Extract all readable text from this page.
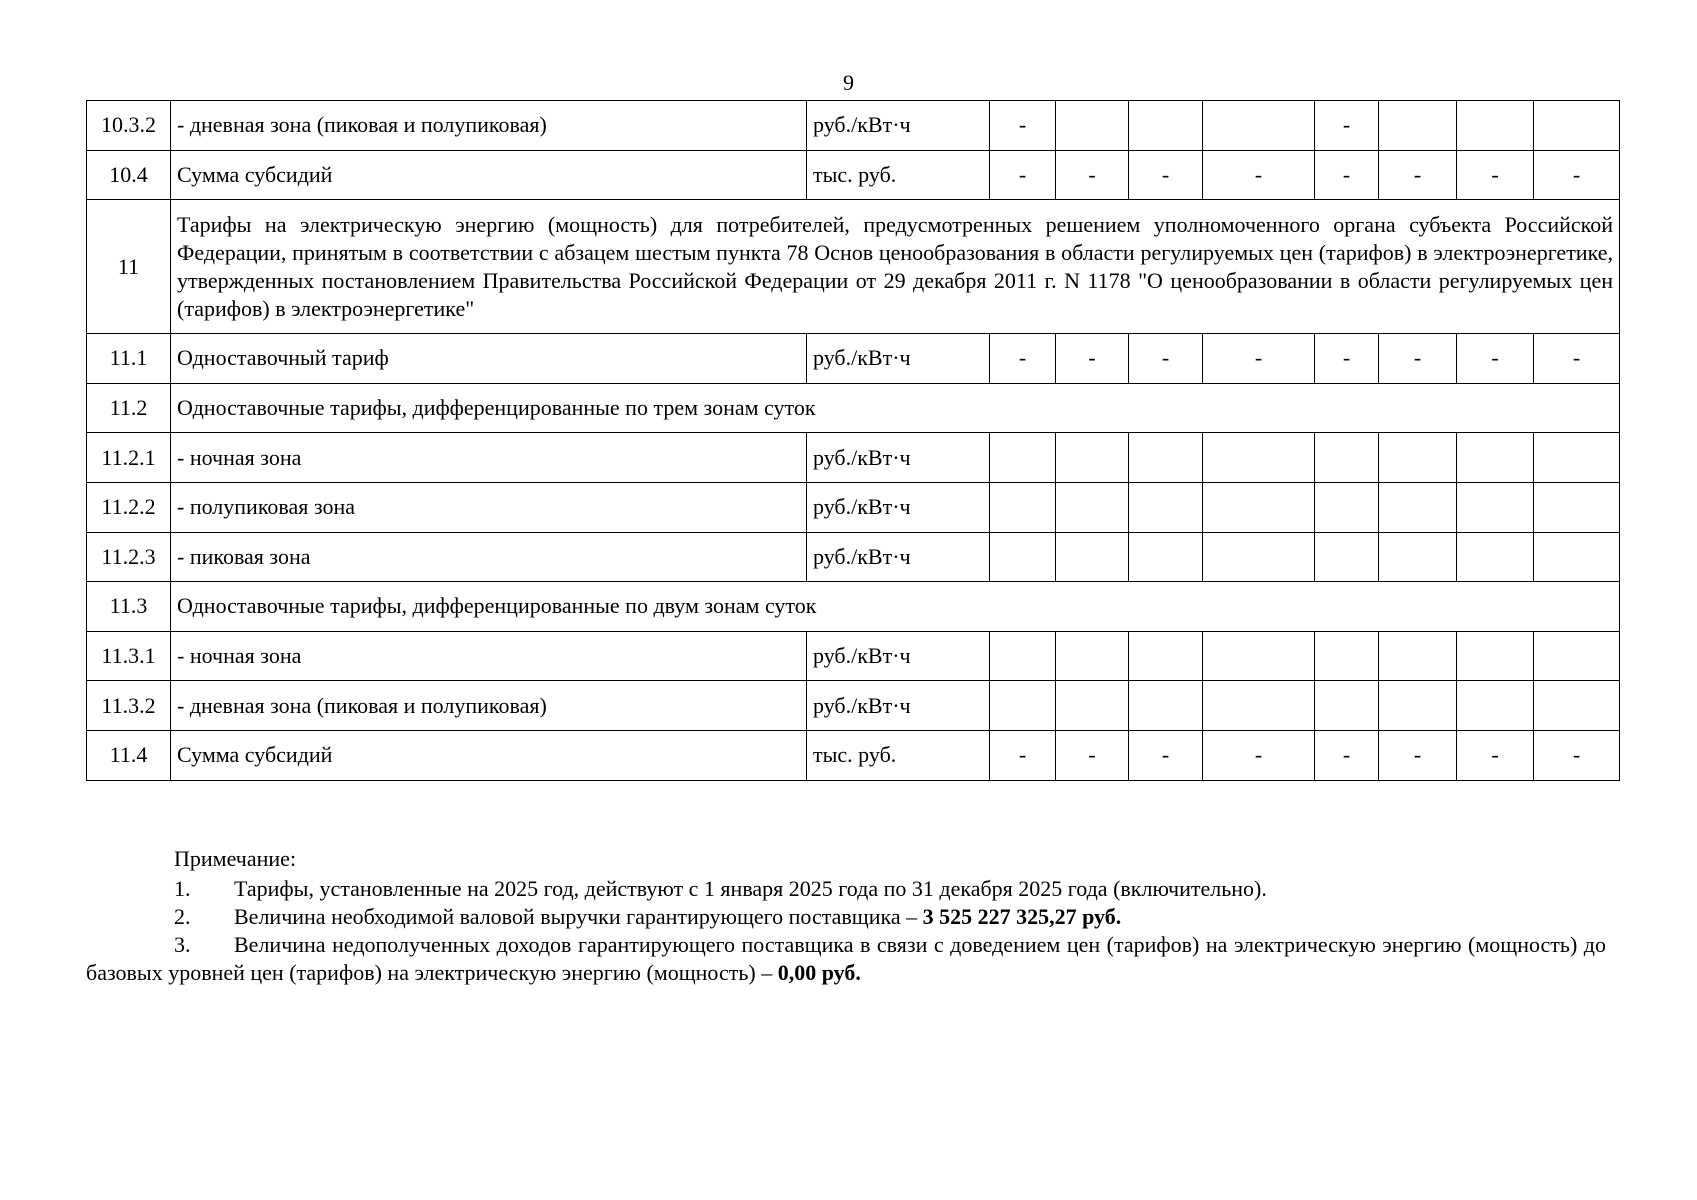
9
10.3.2	- дневная зона (пиковая и полупиковая)	руб./кВт·ч	-				-			
10.4	Сумма субсидий	тыс. руб.	-	-	-	-	-	-	-	-
11	Тарифы на электрическую энергию (мощность) для потребителей, предусмотренных решением уполномоченного органа субъекта Российской Федерации, принятым в соответствии с абзацем шестым пункта 78 Основ ценообразования в области регулируемых цен (тарифов) в электроэнергетике, утвержденных постановлением Правительства Российской Федерации от 29 декабря 2011 г. N 1178 "О ценообразовании в области регулируемых цен (тарифов) в электроэнергетике"									
11.1	Одноставочный тариф	руб./кВт·ч	-	-	-	-	-	-	-	-
11.2	Одноставочные тарифы, дифференцированные по трем зонам суток									
11.2.1	- ночная зона	руб./кВт·ч								
11.2.2	- полупиковая зона	руб./кВт·ч								
11.2.3	- пиковая зона	руб./кВт·ч								
11.3	Одноставочные тарифы, дифференцированные по двум зонам суток									
11.3.1	- ночная зона	руб./кВт·ч								
11.3.2	- дневная зона (пиковая и полупиковая)	руб./кВт·ч								
11.4	Сумма субсидий	тыс. руб.	-	-	-	-	-	-	-	-
Примечание:
1. Тарифы, установленные на 2025 год, действуют с 1 января 2025 года по 31 декабря 2025 года (включительно).
2. Величина необходимой валовой выручки гарантирующего поставщика – 3 525 227 325,27 руб.
3. Величина недополученных доходов гарантирующего поставщика в связи с доведением цен (тарифов) на электрическую энергию (мощность) до базовых уровней цен (тарифов) на электрическую энергию (мощность) – 0,00 руб.
